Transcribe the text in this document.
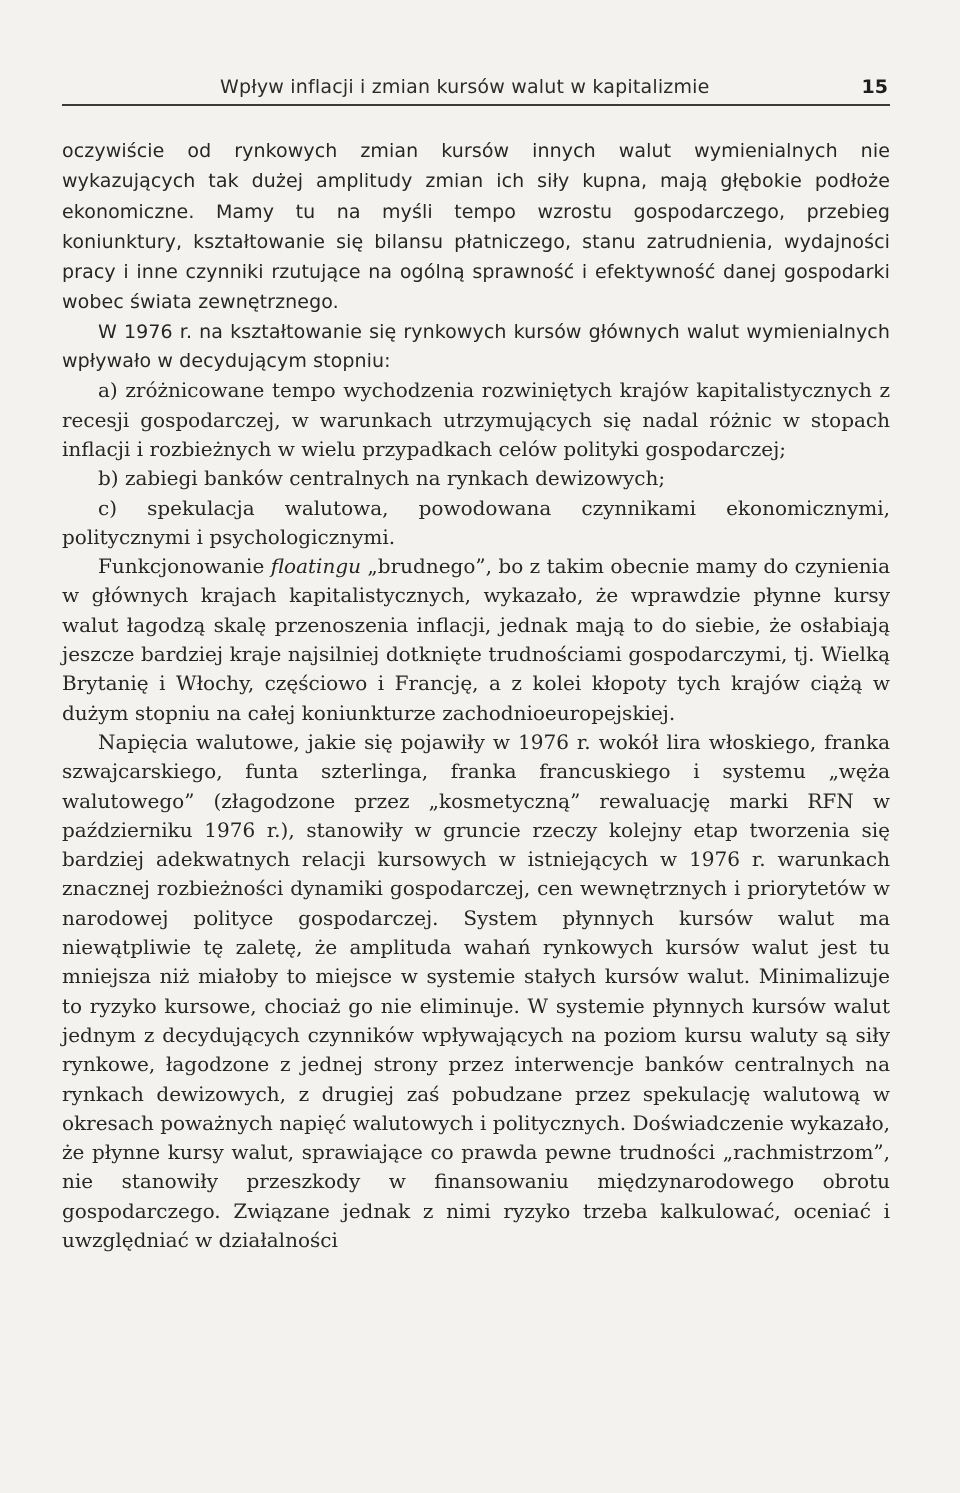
Wpływ inflacji i zmian kursów walut w kapitalizmie	15

oczywiście od rynkowych zmian kursów innych walut wymienialnych nie wykazujących tak dużej amplitudy zmian ich siły kupna, mają głębokie podłoże ekonomiczne. Mamy tu na myśli tempo wzrostu gospodarczego, przebieg koniunktury, kształtowanie się bilansu płatniczego, stanu zatrudnienia, wydajności pracy i inne czynniki rzutujące na ogólną sprawność i efektywność danej gospodarki wobec świata zewnętrznego.

W 1976 r. na kształtowanie się rynkowych kursów głównych walut wymienialnych wpływało w decydującym stopniu:

a) zróżnicowane tempo wychodzenia rozwiniętych krajów kapitalistycznych z recesji gospodarczej, w warunkach utrzymujących się nadal różnic w stopach inflacji i rozbieżnych w wielu przypadkach celów polityki gospodarczej;

b) zabiegi banków centralnych na rynkach dewizowych;

c) spekulacja walutowa, powodowana czynnikami ekonomicznymi, politycznymi i psychologicznymi.

Funkcjonowanie floatingu „brudnego”, bo z takim obecnie mamy do czynienia w głównych krajach kapitalistycznych, wykazało, że wprawdzie płynne kursy walut łagodzą skalę przenoszenia inflacji, jednak mają to do siebie, że osłabiają jeszcze bardziej kraje najsilniej dotknięte trudnościami gospodarczymi, tj. Wielką Brytanię i Włochy, częściowo i Francję, a z kolei kłopoty tych krajów ciążą w dużym stopniu na całej koniunkturze zachodnioeuropejskiej.

Napięcia walutowe, jakie się pojawiły w 1976 r. wokół lira włoskiego, franka szwajcarskiego, funta szterlinga, franka francuskiego i systemu „węża walutowego” (złagodzone przez „kosmetyczną” rewaluację marki RFN w październiku 1976 r.), stanowiły w gruncie rzeczy kolejny etap tworzenia się bardziej adekwatnych relacji kursowych w istniejących w 1976 r. warunkach znacznej rozbieżności dynamiki gospodarczej, cen wewnętrznych i priorytetów w narodowej polityce gospodarczej. System płynnych kursów walut ma niewątpliwie tę zaletę, że amplituda wahań rynkowych kursów walut jest tu mniejsza niż miałoby to miejsce w systemie stałych kursów walut. Minimalizuje to ryzyko kursowe, chociaż go nie eliminuje. W systemie płynnych kursów walut jednym z decydujących czynników wpływających na poziom kursu waluty są siły rynkowe, łagodzone z jednej strony przez interwencje banków centralnych na rynkach dewizowych, z drugiej zaś pobudzane przez spekulację walutową w okresach poważnych napięć walutowych i politycznych. Doświadczenie wykazało, że płynne kursy walut, sprawiające co prawda pewne trudności „rachmistrzom”, nie stanowiły przeszkody w finansowaniu międzynarodowego obrotu gospodarczego. Związane jednak z nimi ryzyko trzeba kalkulować, oceniać i uwzględniać w działalności
